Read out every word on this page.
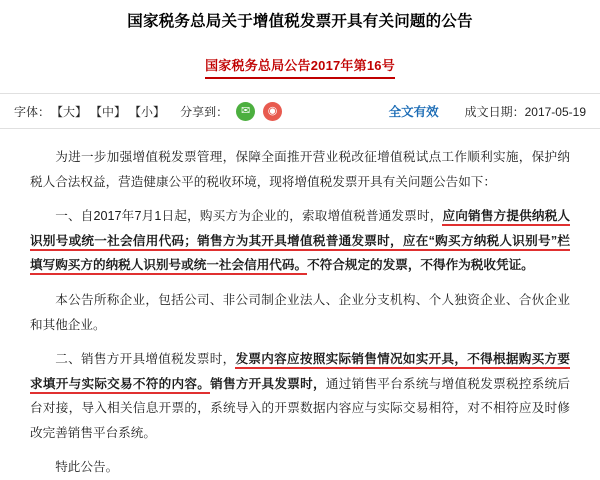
国家税务总局关于增值税发票开具有关问题的公告
国家税务总局公告2017年第16号
字体： 【大】 【中】 【小】 分享到：	✉	◉	全文有效 成文日期：2017-05-19

为进一步加强增值税发票管理，保障全面推开营业税改征增值税试点工作顺利实施，保护纳税人合法权益，营造健康公平的税收环境，现将增值税发票开具有关问题公告如下：

一、自2017年7月1日起，购买方为企业的，索取增值税普通发票时，应向销售方提供纳税人识别号或统一社会信用代码；销售方为其开具增值税普通发票时，应在“购买方纳税人识别号”栏填写购买方的纳税人识别号或统一社会信用代码。不符合规定的发票，不得作为税收凭证。

本公告所称企业，包括公司、非公司制企业法人、企业分支机构、个人独资企业、合伙企业和其他企业。

二、销售方开具增值税发票时，发票内容应按照实际销售情况如实开具，不得根据购买方要求填开与实际交易不符的内容。销售方开具发票时，通过销售平台系统与增值税发票税控系统后台对接，导入相关信息开票的，系统导入的开票数据内容应与实际交易相符，对不相符应及时修改完善销售平台系统。

特此公告。
